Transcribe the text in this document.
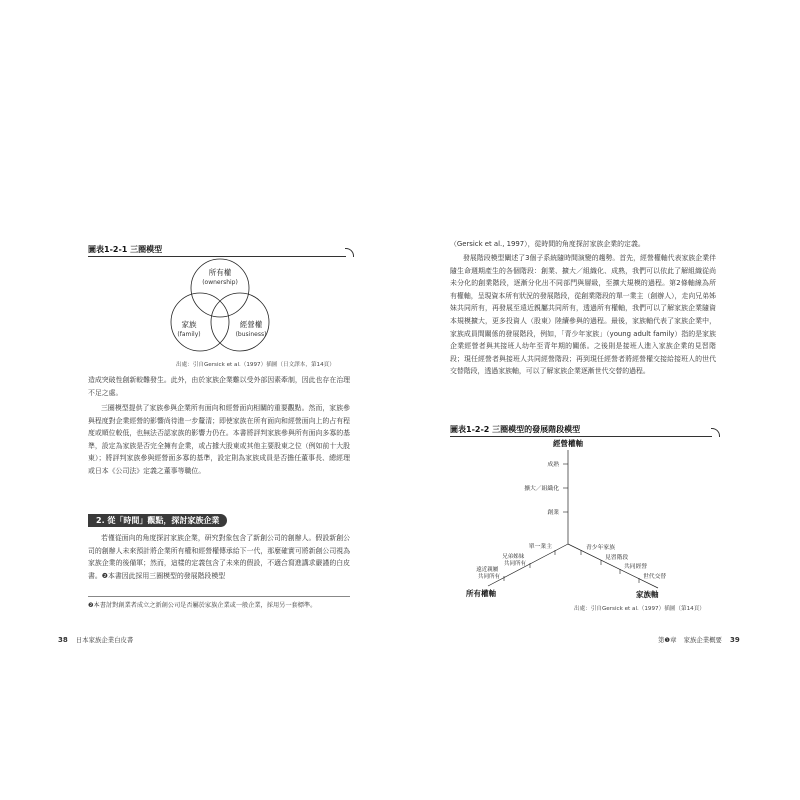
圖表1-2-1 三圈模型
所有權
(ownership)
家族
(family)
經營權
(business)
出處：引自Gersick et al.（1997）插圖（日文譯本，第14頁）

造成突破性創新較難發生。此外，由於家族企業難以受外部因素牽制，因此也存在治理不足之處。

三圈模型提供了家族參與企業所有面向和經營面向相關的重要觀點。然而，家族參與程度對企業經營的影響尚待進一步釐清；即使家族在所有面向和經營面向上的占有程度或順位較低，也無法否認家族的影響力仍在。本書將評判家族參與所有面向多寡的基準，設定為家族是否完全擁有企業，或占據大股東或其他主要股東之位（例如前十大股東）；將評判家族參與經營面多寡的基準，設定則為家族成員是否擔任董事長、總經理或日本《公司法》定義之董事等職位。

2. 從「時間」觀點，探討家族企業

若僅從面向的角度探討家族企業，研究對象包含了新創公司的創辦人。假設新創公司的創辦人未來預計將企業所有權和經營權傳承給下一代，那麼確實可將新創公司視為家族企業的後備軍；然而，這樣的定義包含了未來的假設，不適合寫進講求嚴謹的白皮書。❷本書因此採用三圈模型的發展階段模型

❷本書討對創業者成立之新創公司是否屬於家族企業或一般企業，採用另一套標準。
38 日本家族企業白皮書

（Gersick et al., 1997），從時間的角度探討家族企業的定義。

發展階段模型闡述了3個子系統隨時間演變的趨勢。首先，經營權軸代表家族企業伴隨生命週期產生的各個階段：創業、擴大／組織化、成熟，我們可以依此了解組織從尚未分化的創業階段，逐漸分化出不同部門與層級，至擴大規模的過程。第2條軸線為所有權軸，呈現資本所有狀況的發展階段，從創業階段的單一業主（創辦人），走向兄弟姊妹共同所有，再發展至遠近親屬共同所有，透過所有權軸，我們可以了解家族企業隨資本規模擴大，更多投資人（股東）陸續參與的過程。最後，家族軸代表了家族企業中，家族成員間關係的發展階段，例如，「青少年家族」（young adult family）指的是家族企業經營者與其接班人幼年至青年期的關係。之後則是接班人進入家族企業的見習階段；現任經營者與接班人共同經營階段；再到現任經營者將經營權交接給接班人的世代交替階段，透過家族軸，可以了解家族企業逐漸世代交替的過程。

圖表1-2-2 三圈模型的發展階段模型
經營權軸
成熟
擴大／組織化
創業
單一業主
兄弟姊妹 共同所有
遠近親屬 共同所有
所有權軸
青少年家族
見習階段
共同經營
世代交替
家族軸
出處：引自Gersick et al.（1997）插圖（第14頁）
第❶章 家族企業概要 39
